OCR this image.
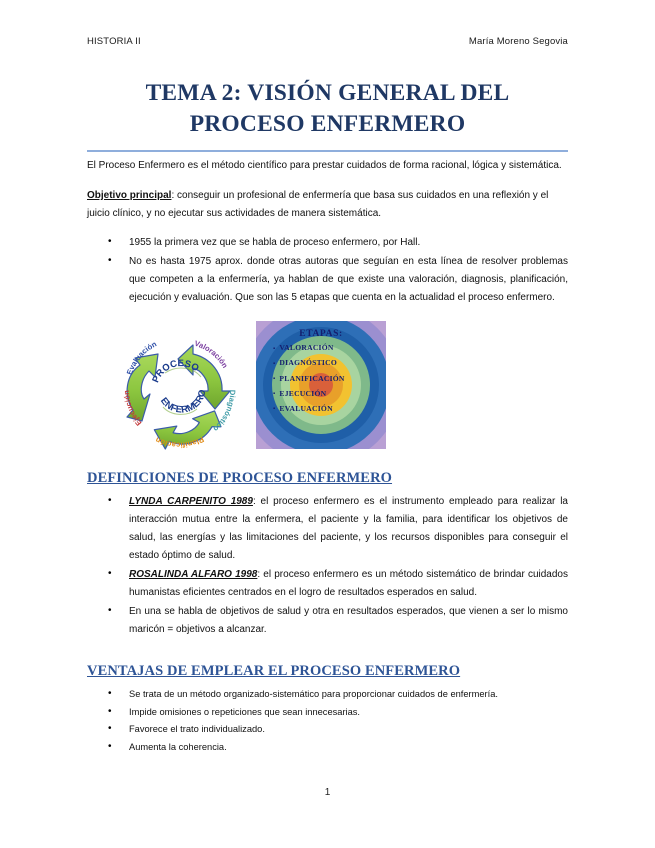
HISTORIA II	María Moreno Segovia
TEMA 2: VISIÓN GENERAL DEL
PROCESO ENFERMERO

El Proceso Enfermero es el método científico para prestar cuidados de forma racional, lógica y sistemática.

Objetivo principal: conseguir un profesional de enfermería que basa sus cuidados en una reflexión y el juicio clínico, y no ejecutar sus actividades de manera sistemática.

• 1955 la primera vez que se habla de proceso enfermero, por Hall.
• No es hasta 1975 aprox. donde otras autoras que seguían en esta línea de resolver problemas que competen a la enfermería, ya hablan de que existe una valoración, diagnosis, planificación, ejecución y evaluación. Que son las 5 etapas que cuenta en la actualidad el proceso enfermero.
PROCESO
ENFERMERO
Valoración
Diagnóstico
Planificación
Ejecución
Evaluación
ETAPAS:
▪ VALORACIÓN
▪ DIAGNÓSTICO
▪ PLANIFICACIÓN
▪ EJECUCIÓN
▪ EVALUACIÓN
DEFINICIONES DE PROCESO ENFERMERO
• LYNDA CARPENITO 1989: el proceso enfermero es el instrumento empleado para realizar la interacción mutua entre la enfermera, el paciente y la familia, para identificar los objetivos de salud, las energías y las limitaciones del paciente, y los recursos disponibles para conseguir el estado óptimo de salud.
• ROSALINDA ALFARO 1998: el proceso enfermero es un método sistemático de brindar cuidados humanistas eficientes centrados en el logro de resultados esperados en salud.
• En una se habla de objetivos de salud y otra en resultados esperados, que vienen a ser lo mismo maricón = objetivos a alcanzar.
VENTAJAS DE EMPLEAR EL PROCESO ENFERMERO
• Se trata de un método organizado-sistemático para proporcionar cuidados de enfermería.
• Impide omisiones o repeticiones que sean innecesarias.
• Favorece el trato individualizado.
• Aumenta la coherencia.
1
